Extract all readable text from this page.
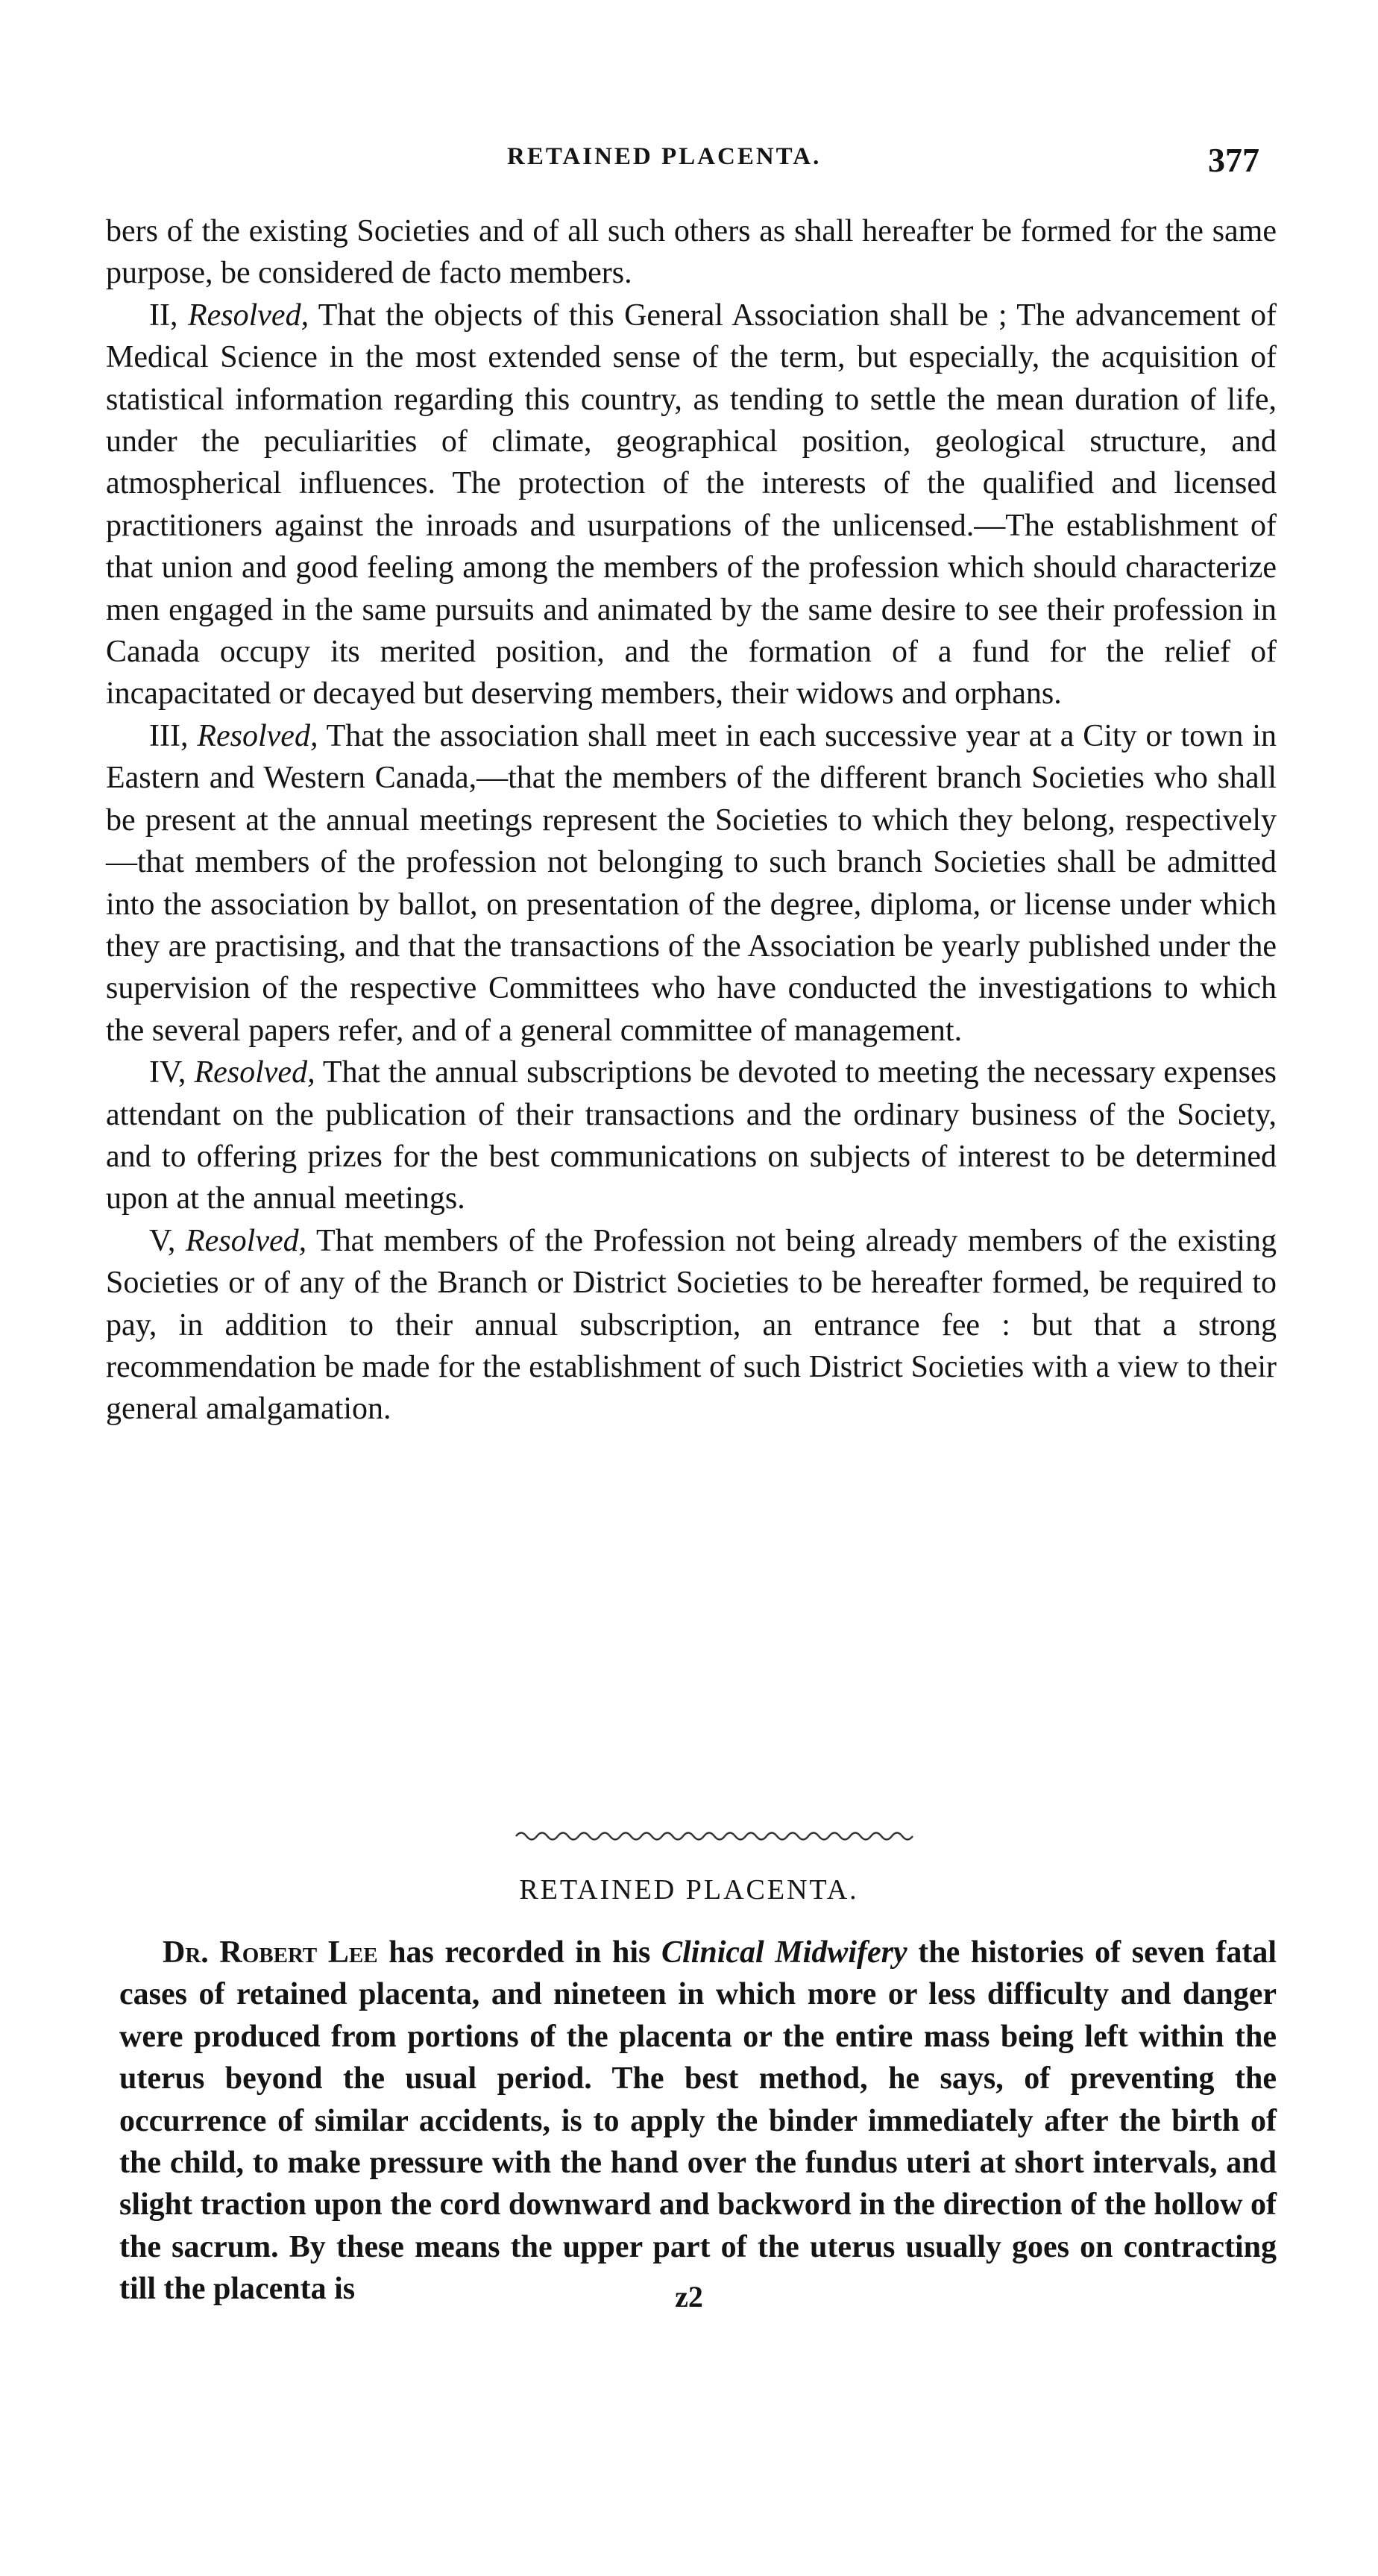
RETAINED PLACENTA.	377

bers of the existing Societies and of all such others as shall hereafter be formed for the same purpose, be considered de facto members.

II, Resolved, That the objects of this General Association shall be ; The advancement of Medical Science in the most extended sense of the term, but especially, the acquisition of statistical information regarding this country, as tending to settle the mean duration of life, under the peculiarities of climate, geographical position, geological structure, and atmospherical influences. The protection of the interests of the qualified and licensed practitioners against the inroads and usurpations of the unlicensed.—The establishment of that union and good feeling among the members of the profession which should characterize men engaged in the same pursuits and animated by the same desire to see their profession in Canada occupy its merited position, and the formation of a fund for the relief of incapacitated or decayed but deserving members, their widows and orphans.

III, Resolved, That the association shall meet in each successive year at a City or town in Eastern and Western Canada,—that the members of the different branch Societies who shall be present at the annual meetings represent the Societies to which they belong, respectively—that members of the profession not belonging to such branch Societies shall be admitted into the association by ballot, on presentation of the degree, diploma, or license under which they are practising, and that the transactions of the Association be yearly published under the supervision of the respective Committees who have conducted the investigations to which the several papers refer, and of a general committee of management.

IV, Resolved, That the annual subscriptions be devoted to meeting the necessary expenses attendant on the publication of their transactions and the ordinary business of the Society, and to offering prizes for the best communications on subjects of interest to be determined upon at the annual meetings.

V, Resolved, That members of the Profession not being already members of the existing Societies or of any of the Branch or District Societies to be hereafter formed, be required to pay, in addition to their annual subscription, an entrance fee : but that a strong recommendation be made for the establishment of such District Societies with a view to their general amalgamation.

RETAINED PLACENTA.

Dr. Robert Lee has recorded in his Clinical Midwifery the histories of seven fatal cases of retained placenta, and nineteen in which more or less difficulty and danger were produced from portions of the placenta or the entire mass being left within the uterus beyond the usual period. The best method, he says, of preventing the occurrence of similar accidents, is to apply the binder immediately after the birth of the child, to make pressure with the hand over the fundus uteri at short intervals, and slight traction upon the cord downward and backword in the direction of the hollow of the sacrum. By these means the upper part of the uterus usually goes on contracting till the placenta is	z2
